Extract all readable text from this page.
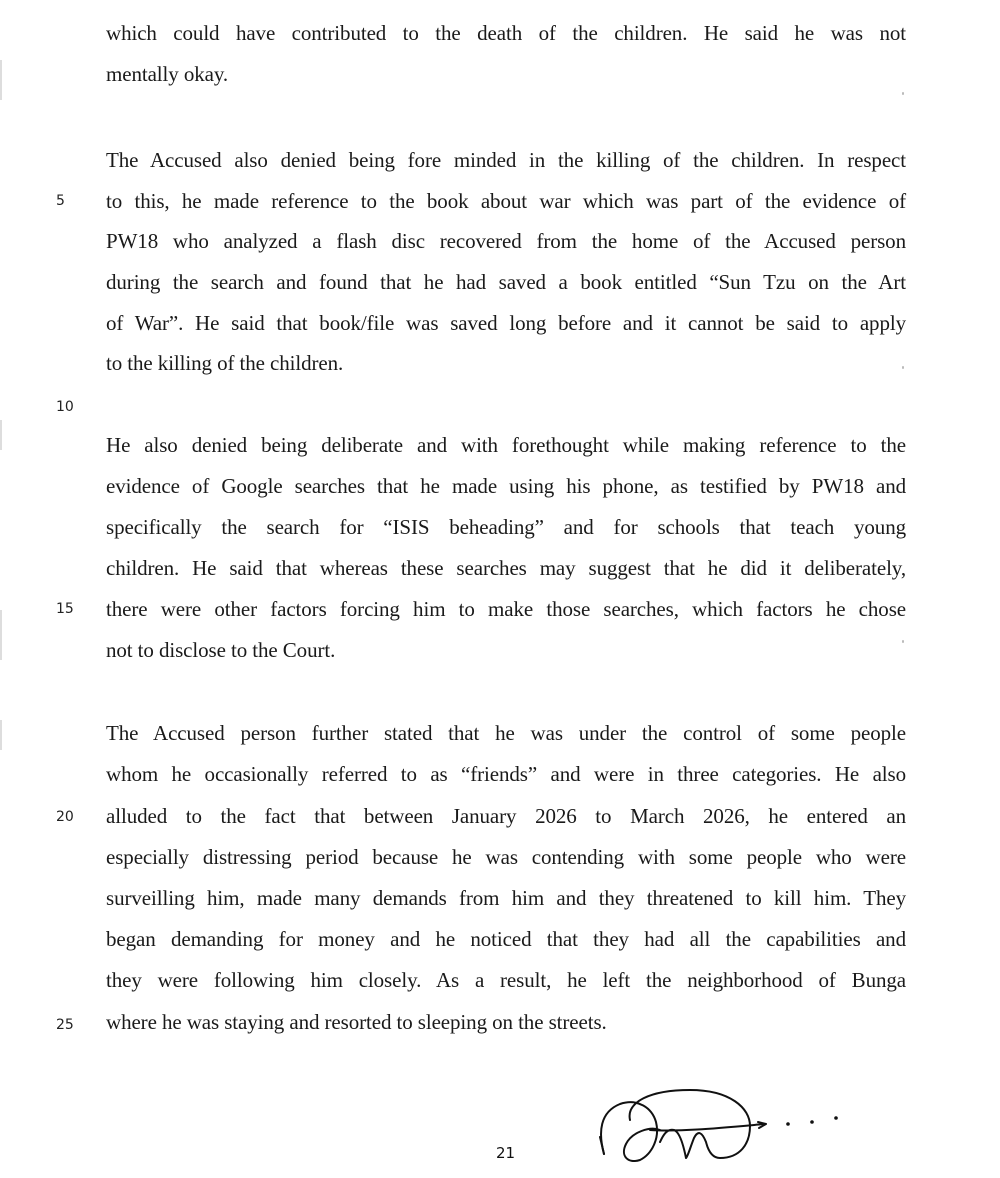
which could have contributed to the death of the children. He said he was not
mentally okay.
The Accused also denied being fore minded in the killing of the children. In respect
to this, he made reference to the book about war which was part of the evidence of
PW18 who analyzed a flash disc recovered from the home of the Accused person
during the search and found that he had saved a book entitled “Sun Tzu on the Art
of War”. He said that book/file was saved long before and it cannot be said to apply
to the killing of the children.
He also denied being deliberate and with forethought while making reference to the
evidence of Google searches that he made using his phone, as testified by PW18 and
specifically the search for “ISIS beheading” and for schools that teach young
children. He said that whereas these searches may suggest that he did it deliberately,
there were other factors forcing him to make those searches, which factors he chose
not to disclose to the Court.
The Accused person further stated that he was under the control of some people
whom he occasionally referred to as “friends” and were in three categories. He also
alluded to the fact that between January 2026 to March 2026, he entered an
especially distressing period because he was contending with some people who were
surveilling him, made many demands from him and they threatened to kill him. They
began demanding for money and he noticed that they had all the capabilities and
they were following him closely. As a result, he left the neighborhood of Bunga
where he was staying and resorted to sleeping on the streets.
5
10
15
20
25
21
